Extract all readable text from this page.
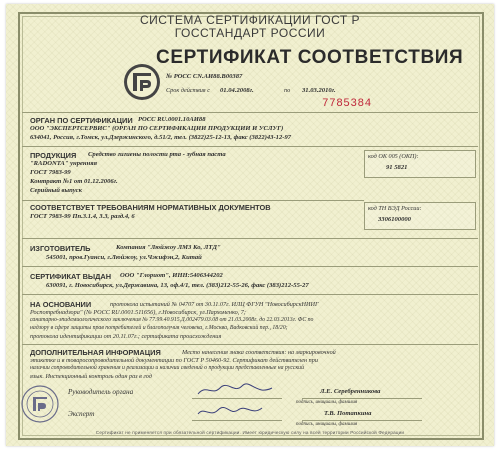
СИСТЕМА СЕРТИФИКАЦИИ ГОСТ Р
ГОССТАНДАРТ РОССИИ
СЕРТИФИКАТ СООТВЕТСТВИЯ
№ РОСС CN.АИ88.В00387
Срок действия с 01.04.2008г.	по 31.03.2010г.
7785384
ОРГАН ПО СЕРТИФИКАЦИИ РОСС RU.0001.10АИ88
ООО "ЭКСПЕРТСЕРВИС" (ОРГАН ПО СЕРТИФИКАЦИИ ПРОДУКЦИИ И УСЛУГ)
634041, Россия, г.Томск, ул.Дзержинского, д.51/2, тел. (3822)25-12-13, факс (3822)43-12-97
ПРОДУКЦИЯ Средство гигиены полости рта - зубная паста
"RADONTA" унренняя
ГОСТ 7983-99
Контракт №1 от 01.12.2006г.
Серийный выпуск
код ОК 005 (ОКП):
91 5821
СООТВЕТСТВУЕТ ТРЕБОВАНИЯМ НОРМАТИВНЫХ ДОКУМЕНТОВ
ГОСТ 7983-99 Пп.3.1.4, 3.3, разд.4, 6
код ТН ВЭД России:
3306100000
ИЗГОТОВИТЕЛЬ	Компания "Люйжоу ЛМЗ Ко, ЛТД"
545001, пров.Гуанси, г.Люйжоу, ул.Чжифэн,2, Китай
СЕРТИФИКАТ ВЫДАН ООО "Глориот", ИНН:5406344202
630091, г. Новосибирск, ул.Державина, 13, оф.4/1, тел. (383)212-55-26, факс (383)212-55-27
НА ОСНОВАНИИ	протокола испытаний № 04707 от 30.11.07г. ИЛЦ ФГУН "НовосибирскНИИГ
Роспотребнадзора" (№ РОСС RU.0001.511656), г.Новосибирск, ул.Пархоменко, 7;
санитарно-эпидемиологического заключения № 77.99.40.915.Д.002479.03.08 от 21.03.2008г. до 22.03.2013г. ФС по
надзору в сфере защиты прав потребителей и благополучия человека, г.Москва, Вадковский пер., 18/20;
протокола идентификации от 20.11.07г.; сертификата происхождения
ДОПОЛНИТЕЛЬНАЯ ИНФОРМАЦИЯ	Место нанесения знака соответствия: на маркировочной
этикетке и в товаросопроводительной документации по ГОСТ Р 50460-92. Сертификат действителен при
наличии сопроводительной хранения и реализации и наличии сведений о продукции представленные на русский
язык. Инспекционный контроль один раз в год
Руководитель органа	Л.Е. Серебренникова
подпись, инициалы, фамилия
Эксперт	Т.В. Потапкина
подпись, инициалы, фамилия
Сертификат не применяется при обязательной сертификации. Имеет юридическую силу на всей территории Российской Федерации
